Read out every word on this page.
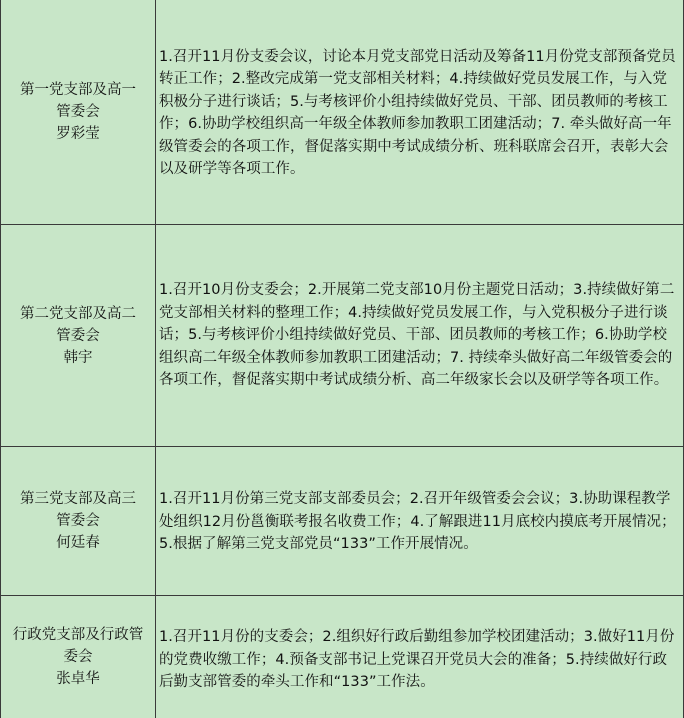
第一党支部及高一管委会
罗彩莹
1.召开11月份支委会议，讨论本月党支部党日活动及筹备11月份党支部预备党员转正工作；2.整改完成第一党支部相关材料；4.持续做好党员发展工作，与入党积极分子进行谈话；5.与考核评价小组持续做好党员、干部、团员教师的考核工作；6.协助学校组织高一年级全体教师参加教职工团建活动；7. 牵头做好高一年级管委会的各项工作，督促落实期中考试成绩分析、班科联席会召开，表彰大会以及研学等各项工作。
第二党支部及高二管委会
韩宇
1.召开10月份支委会；2.开展第二党支部10月份主题党日活动；3.持续做好第二党支部相关材料的整理工作；4.持续做好党员发展工作，与入党积极分子进行谈话；5.与考核评价小组持续做好党员、干部、团员教师的考核工作；6.协助学校组织高二年级全体教师参加教职工团建活动；7. 持续牵头做好高二年级管委会的各项工作，督促落实期中考试成绩分析、高二年级家长会以及研学等各项工作。
第三党支部及高三管委会
何廷春
1.召开11月份第三党支部支部委员会；2.召开年级管委会会议；3.协助课程教学处组织12月份邕衡联考报名收费工作；4.了解跟进11月底校内摸底考开展情况；5.根据了解第三党支部党员“133”工作开展情况。
行政党支部及行政管委会
张卓华
1.召开11月份的支委会；2.组织好行政后勤组参加学校团建活动；3.做好11月份的党费收缴工作；4.预备支部书记上党课召开党员大会的准备；5.持续做好行政后勤支部管委的牵头工作和“133”工作法。
